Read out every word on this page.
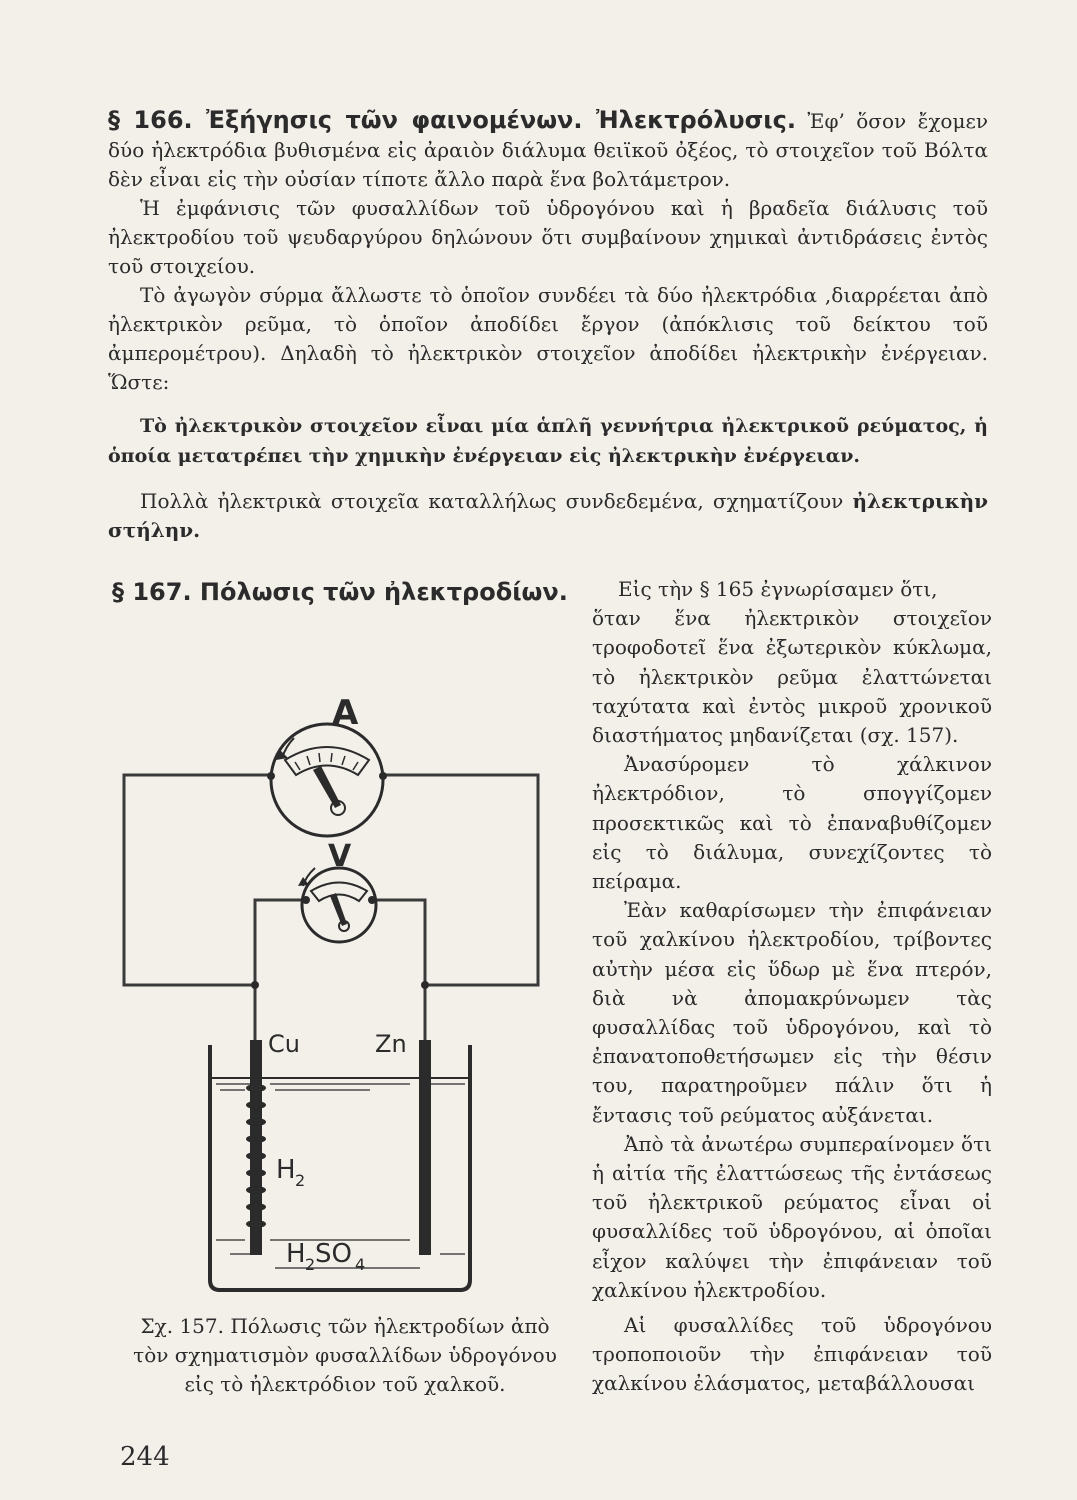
§ 166. Ἐξήγησις τῶν φαινομένων. Ἠλεκτρόλυσις. Ἐφ’ ὅσον ἔχομεν δύο ἠλεκτρόδια βυθισμένα εἰς ἀραιὸν διάλυμα θειϊκοῦ ὀξέος, τὸ στοιχεῖον τοῦ Βόλτα δὲν εἶναι εἰς τὴν οὐσίαν τίποτε ἄλλο παρὰ ἕνα βολτάμετρον.

Ἡ ἐμφάνισις τῶν φυσαλλίδων τοῦ ὑδρογόνου καὶ ἡ βραδεῖα διάλυσις τοῦ ἠλεκτροδίου τοῦ ψευδαργύρου δηλώνουν ὅτι συμβαίνουν χημικαὶ ἀντιδράσεις ἐντὸς τοῦ στοιχείου.

Τὸ ἀγωγὸν σύρμα ἄλλωστε τὸ ὁποῖον συνδέει τὰ δύο ἠλεκτρόδια ,διαρρέεται ἀπὸ ἠλεκτρικὸν ρεῦμα, τὸ ὁποῖον ἀποδίδει ἔργον (ἀπόκλισις τοῦ δείκτου τοῦ ἀμπερομέτρου). Δηλαδὴ τὸ ἠλεκτρικὸν στοιχεῖον ἀποδίδει ἠλεκτρικὴν ἐνέργειαν. Ὥστε:

Τὸ ἠλεκτρικὸν στοιχεῖον εἶναι μία ἁπλῆ γεννήτρια ἠλεκτρικοῦ ρεύματος, ἡ ὁποία μετατρέπει τὴν χημικὴν ἐνέργειαν εἰς ἠλεκτρικὴν ἐνέργειαν.

Πολλὰ ἠλεκτρικὰ στοιχεῖα καταλλήλως συνδεδεμένα, σχηματίζουν ἠλεκτρικὴν στήλην.

§ 167. Πόλωσις τῶν ἠλεκτροδίων.	Εἰς τὴν § 165 ἐγνωρίσαμεν ὅτι,

ὅταν ἕνα ἠλεκτρικὸν στοιχεῖον τροφοδοτεῖ ἕνα ἐξωτερικὸν κύκλωμα, τὸ ἠλεκτρικὸν ρεῦμα ἐλαττώνεται ταχύτατα καὶ ἐντὸς μικροῦ χρονικοῦ διαστήματος μηδανίζεται (σχ. 157).

Ἀνασύρομεν τὸ χάλκινον ἠλεκτρόδιον, τὸ σπογγίζομεν προσεκτικῶς καὶ τὸ ἐπαναβυθίζομεν εἰς τὸ διάλυμα, συνεχίζοντες τὸ πείραμα.

Ἐὰν καθαρίσωμεν τὴν ἐπιφάνειαν τοῦ χαλκίνου ἠλεκτροδίου, τρίβοντες αὐτὴν μέσα εἰς ὕδωρ μὲ ἕνα πτερόν, διὰ νὰ ἀπομακρύνωμεν τὰς φυσαλλίδας τοῦ ὑδρογόνου, καὶ τὸ ἐπανατοποθετήσωμεν εἰς τὴν θέσιν του, παρατηροῦμεν πάλιν ὅτι ἡ ἔντασις τοῦ ρεύματος αὐξάνεται.

Ἀπὸ τὰ ἀνωτέρω συμπεραίνομεν ὅτι ἡ αἰτία τῆς ἐλαττώσεως τῆς ἐντάσεως τοῦ ἠλεκτρικοῦ ρεύματος εἶναι οἱ φυσαλλίδες τοῦ ὑδρογόνου, αἱ ὁποῖαι εἶχον καλύψει τὴν ἐπιφάνειαν τοῦ χαλκίνου ἠλεκτροδίου.

Αἱ φυσαλλίδες τοῦ ὑδρογόνου τροποποιοῦν τὴν ἐπιφάνειαν τοῦ χαλκίνου ἐλάσματος, μεταβάλλουσαι

A
V
Cu	Zn
H 2
H 2 SO 4

Σχ. 157. Πόλωσις τῶν ἠλεκτροδίων ἀπὸ

τὸν σχηματισμὸν φυσαλλίδων ὑδρογόνου

εἰς τὸ ἠλεκτρόδιον τοῦ χαλκοῦ.

244
